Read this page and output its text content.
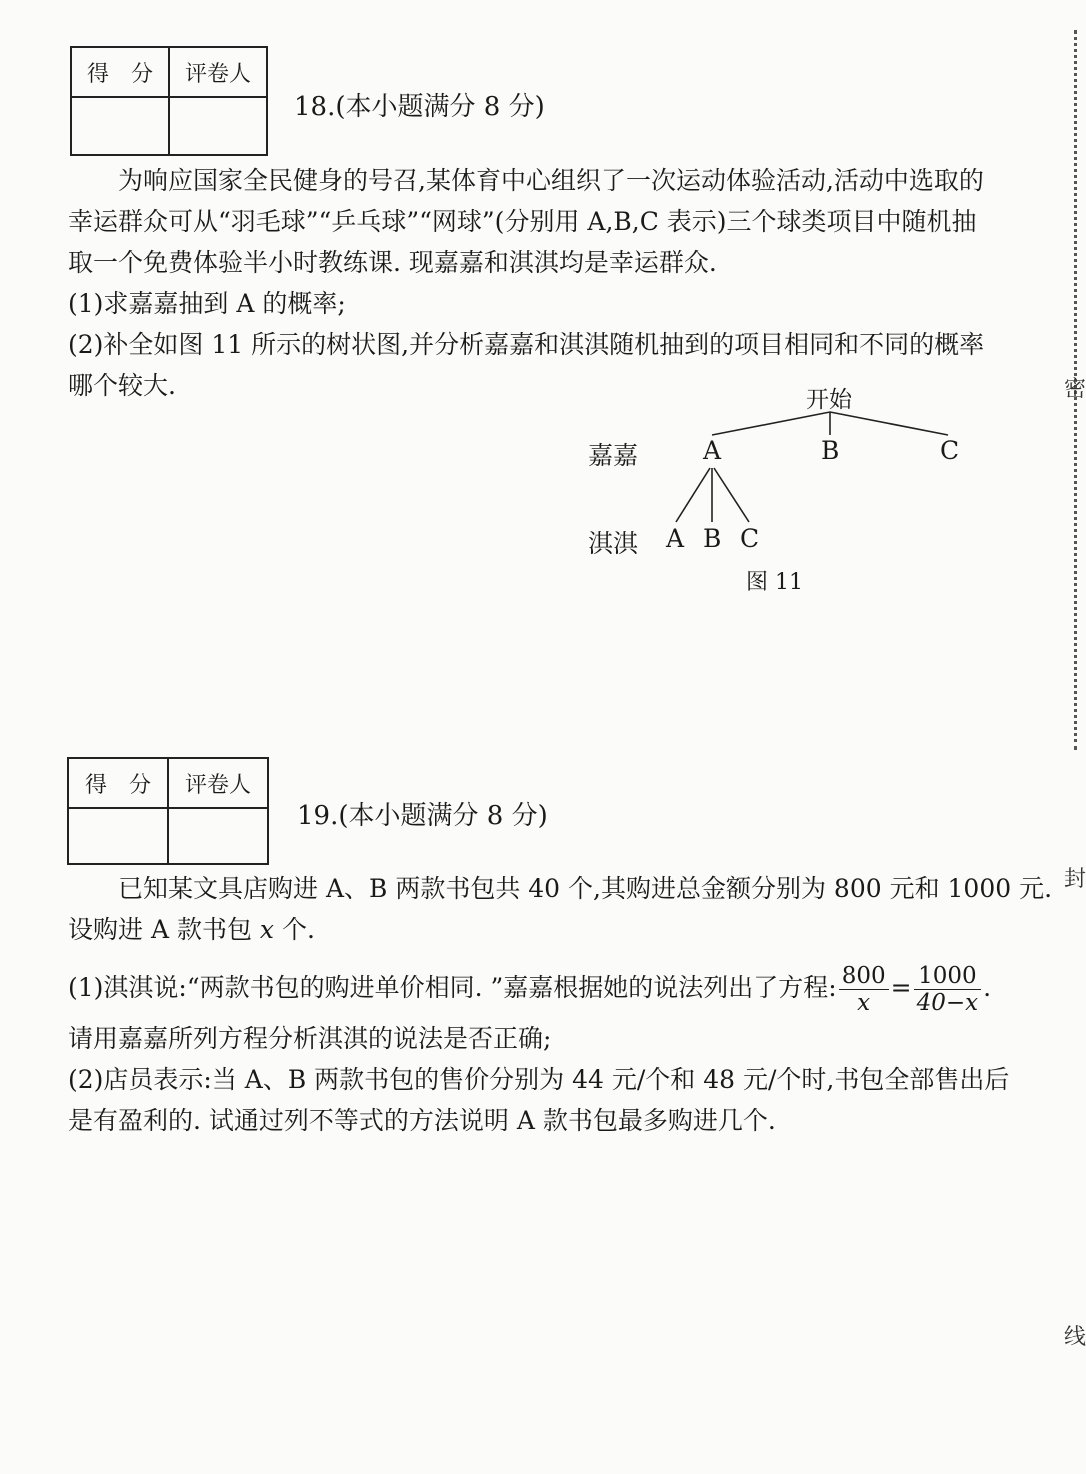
得　分	评卷人

18.(本小题满分 8 分)
为响应国家全民健身的号召,某体育中心组织了一次运动体验活动,活动中选取的
幸运群众可从“羽毛球”“乒乓球”“网球”(分别用 A,B,C 表示)三个球类项目中随机抽
取一个免费体验半小时教练课. 现嘉嘉和淇淇均是幸运群众.
(1)求嘉嘉抽到 A 的概率;
(2)补全如图 11 所示的树状图,并分析嘉嘉和淇淇随机抽到的项目相同和不同的概率
哪个较大.	开始
嘉嘉	A	B	C
淇淇 A B C
图 11
得　分	评卷人

19.(本小题满分 8 分)
已知某文具店购进 A、B 两款书包共 40 个,其购进总金额分别为 800 元和 1000 元.
设购进 A 款书包 x 个.
(1)淇淇说:“两款书包的购进单价相同. ”嘉嘉根据她的说法列出了方程: $\frac{800}{x} = \frac{1000}{40-x}$ .
请用嘉嘉所列方程分析淇淇的说法是否正确;
(2)店员表示:当 A、B 两款书包的售价分别为 44 元/个和 48 元/个时,书包全部售出后
是有盈利的. 试通过列不等式的方法说明 A 款书包最多购进几个.
密
封
线
